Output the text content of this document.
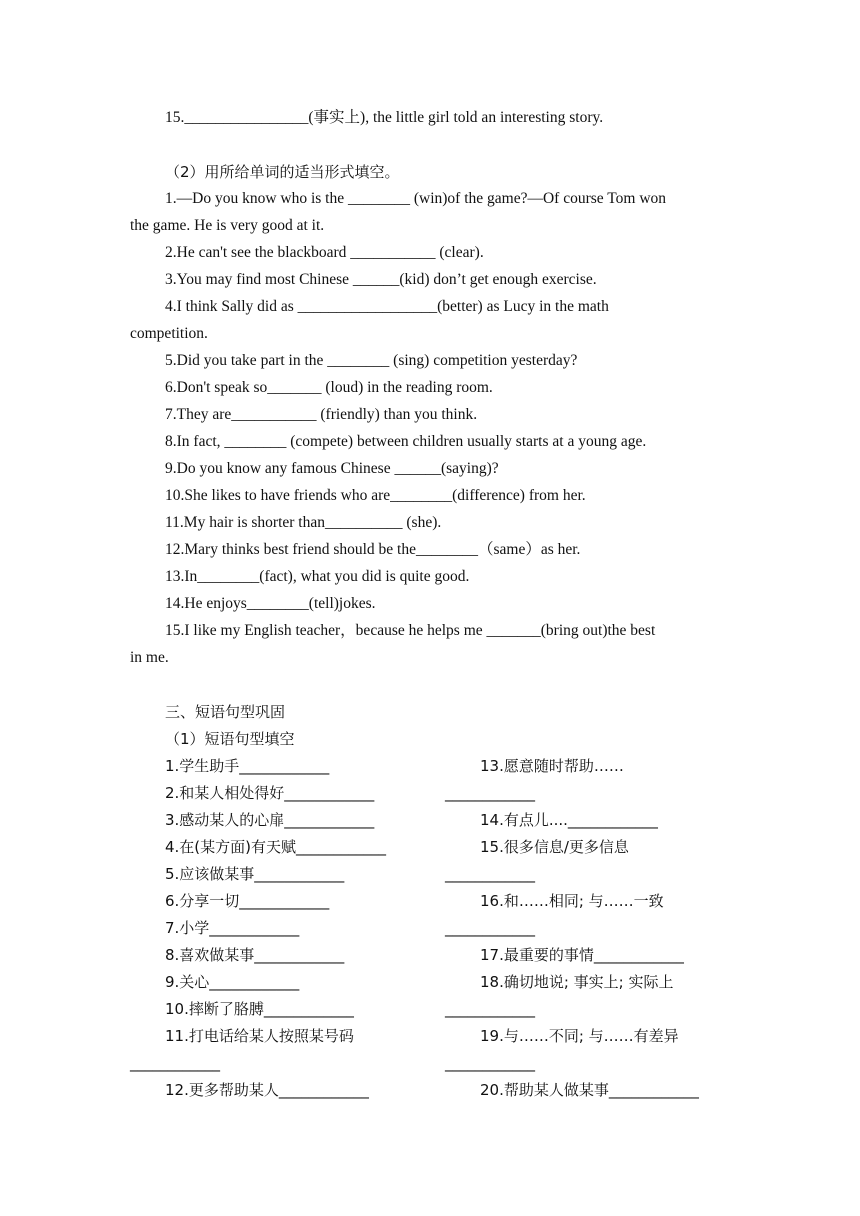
15.________________(事实上), the little girl told an interesting story.
（2）用所给单词的适当形式填空。
1.—Do you know who is the ________ (win)of the game?—Of course Tom won
the game. He is very good at it.
2.He can't see the blackboard ___________ (clear).
3.You may find most Chinese ______(kid) don’t get enough exercise.
4.I think Sally did as __________________(better) as Lucy in the math
competition.
5.Did you take part in the ________ (sing) competition yesterday?
6.Don't speak so_______ (loud) in the reading room.
7.They are___________ (friendly) than you think.
8.In fact, ________ (compete) between children usually starts at a young age.
9.Do you know any famous Chinese ______(saying)?
10.She likes to have friends who are________(difference) from her.
11.My hair is shorter than__________ (she).
12.Mary thinks best friend should be the________（same）as her.
13.In________(fact), what you did is quite good.
14.He enjoys________(tell)jokes.
15.I like my English teacher，because he helps me _______(bring out)the best
in me.
三、短语句型巩固
（1）短语句型填空
1.学生助手____________
2.和某人相处得好____________
3.感动某人的心扉____________
4.在(某方面)有天赋____________
5.应该做某事____________
6.分享一切____________
7.小学____________
8.喜欢做某事____________
9.关心____________
10.摔断了胳膊____________
11.打电话给某人按照某号码
____________
12.更多帮助某人____________
13.愿意随时帮助……
____________
14.有点儿....____________
15.很多信息/更多信息
____________
16.和……相同; 与……一致
____________
17.最重要的事情____________
18.确切地说; 事实上; 实际上
____________
19.与……不同; 与……有差异
____________
20.帮助某人做某事____________
